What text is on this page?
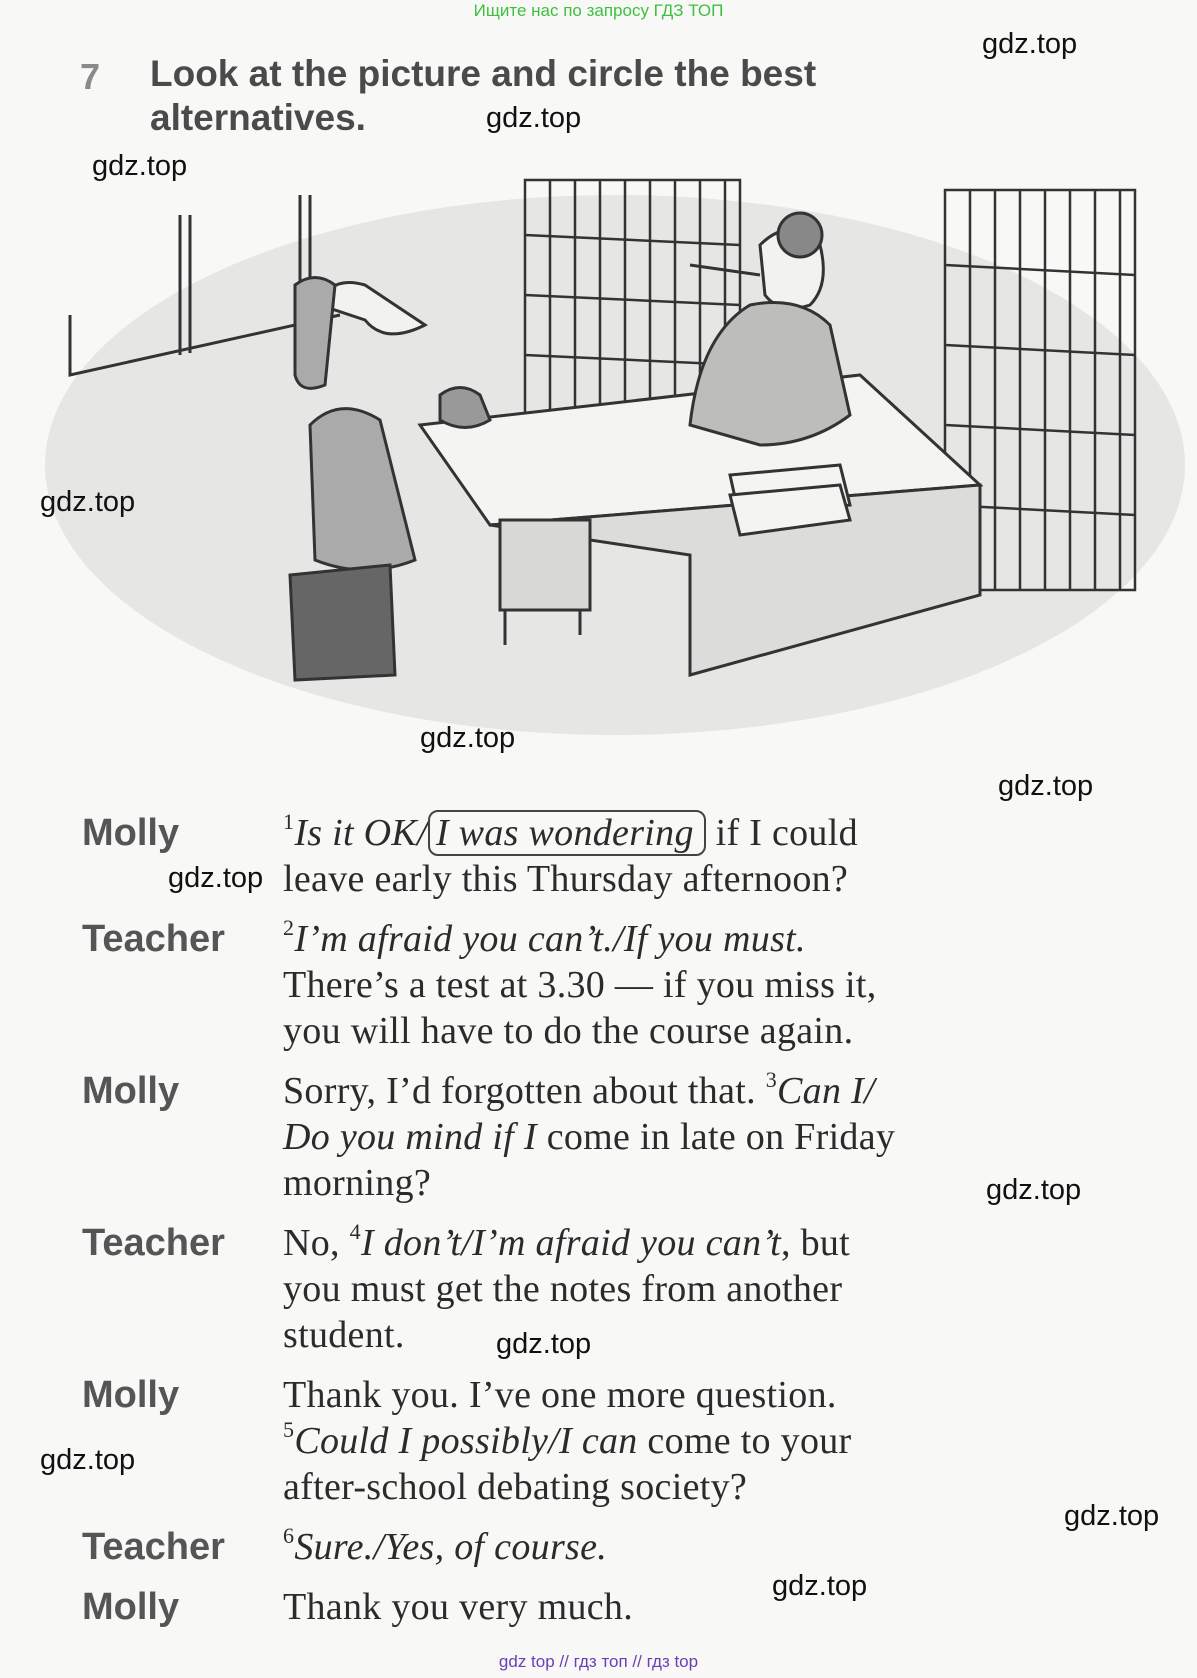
Ищите нас по запросу ГДЗ ТОП
7 Look at the picture and circle the best
alternatives.
Molly	$^1$Is it OK/ I was wondering if I could
leave early this Thursday afternoon?
Teacher	$^2$I’m afraid you can’t./If you must.
There’s a test at 3.30 — if you miss it,
you will have to do the course again.
Molly	Sorry, I’d forgotten about that. $^3$Can I/
Do you mind if I come in late on Friday
morning?
Teacher No, $^4$I don’t/I’m afraid you can’t, but
you must get the notes from another
student.
Molly	Thank you. I’ve one more question.
$^5$Could I possibly/I can come to your
after-school debating society?
Teacher	$^6$Sure./Yes, of course.
Molly	Thank you very much.
gdz.top
gdz.top
gdz.top
gdz.top
gdz.top
gdz.top
gdz.top
gdz.top
gdz.top
gdz.top
gdz.top
gdz.top
gdz top // гдз топ // гдз top
